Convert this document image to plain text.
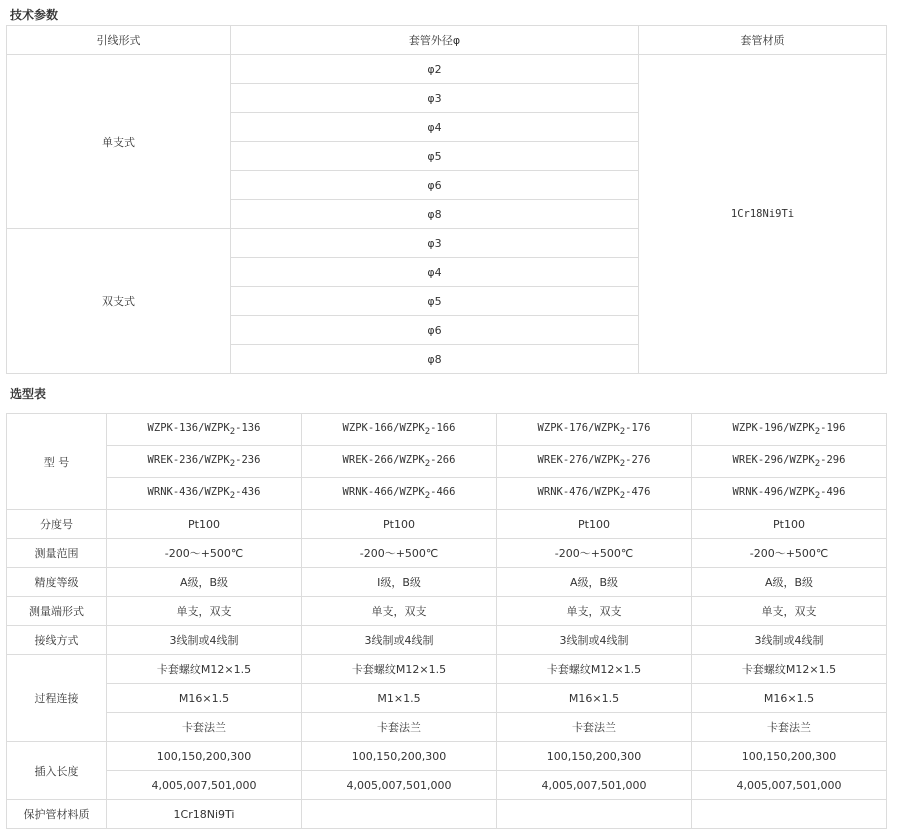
技术参数
引线形式	套管外径φ	套管材质
单支式	φ2	1Cr18Ni9Ti
	φ3	
	φ4	
	φ5	
	φ6	
	φ8	
双支式	φ3	
	φ4	
	φ5	
	φ6	
	φ8	
选型表
型 号	WZPK-$136/WZPK_2-136$	WZPK-$166/WZPK_2-166$	WZPK-$176/WZPK_2-176$	WZPK-$196/WZPK_2-196$
	WREK-$236/WZPK_2-236$	WREK-$266/WZPK_2-266$	WREK-$276/WZPK_2-276$	WREK-$296/WZPK_2-296$
	WRNK-$436/WZPK_2-436$	WRNK-$466/WZPK_2-466$	WRNK-$476/WZPK_2-476$	WRNK-$496/WZPK_2-496$
分度号	Pt100	Pt100	Pt100	Pt100
测量范围	-200～+500℃	-200～+500℃	-200～+500℃	-200～+500℃
精度等级	A级，B级	I级，B级	A级，B级	A级，B级
测量端形式	单支，双支	单支，双支	单支，双支	单支，双支
接线方式	3线制或4线制	3线制或4线制	3线制或4线制	3线制或4线制
过程连接	卡套螺纹M12×1.5	卡套螺纹M12×1.5	卡套螺纹M12×1.5	卡套螺纹M12×1.5
	M16×1.5	M1×1.5	M16×1.5	M16×1.5
	卡套法兰	卡套法兰	卡套法兰	卡套法兰
插入长度	100,150,200,300	100,150,200,300	100,150,200,300	100,150,200,300
	4,005,007,501,000	4,005,007,501,000	4,005,007,501,000	4,005,007,501,000
保护管材料质	1Cr18Ni9Ti			
